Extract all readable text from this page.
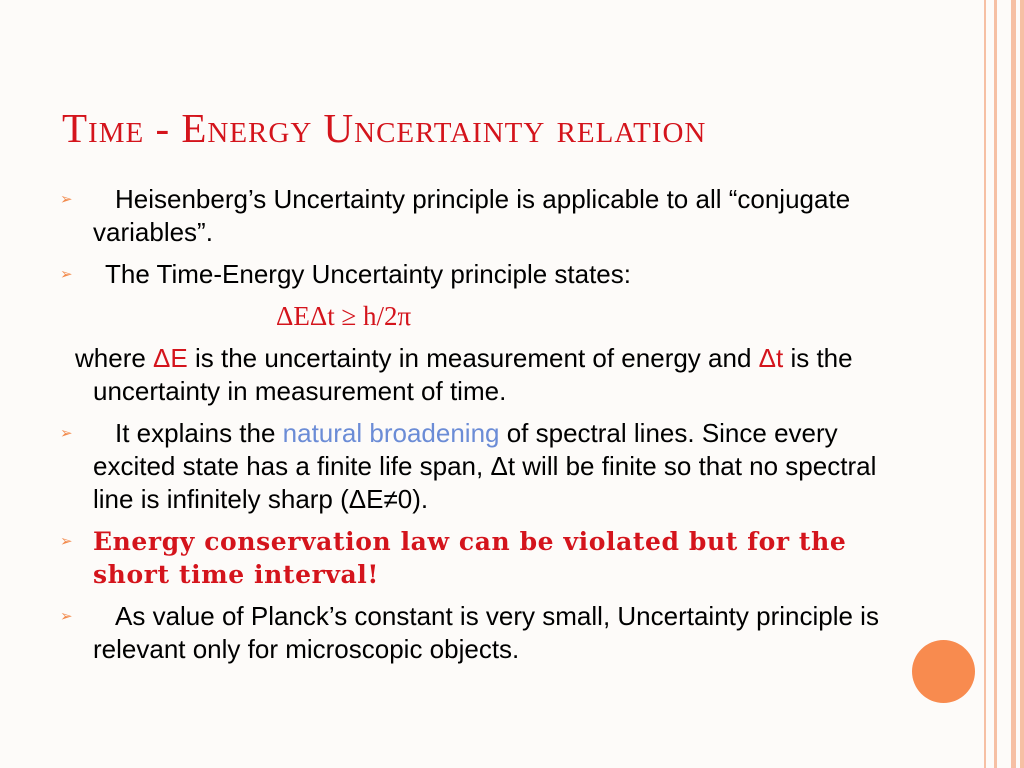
Time - Energy Uncertainty relation
➢ Heisenberg’s Uncertainty principle is applicable to all “conjugate variables”.
➢ The Time-Energy Uncertainty principle states:
ΔEΔt ≥ h/2π
where ΔE is the uncertainty in measurement of energy and Δt is the uncertainty in measurement of time.
➢ It explains the natural broadening of spectral lines. Since every excited state has a finite life span, Δt will be finite so that no spectral line is infinitely sharp (ΔE≠0).
➢ Energy conservation law can be violated but for the short time interval!
➢ As value of Planck’s constant is very small, Uncertainty principle is relevant only for microscopic objects.
